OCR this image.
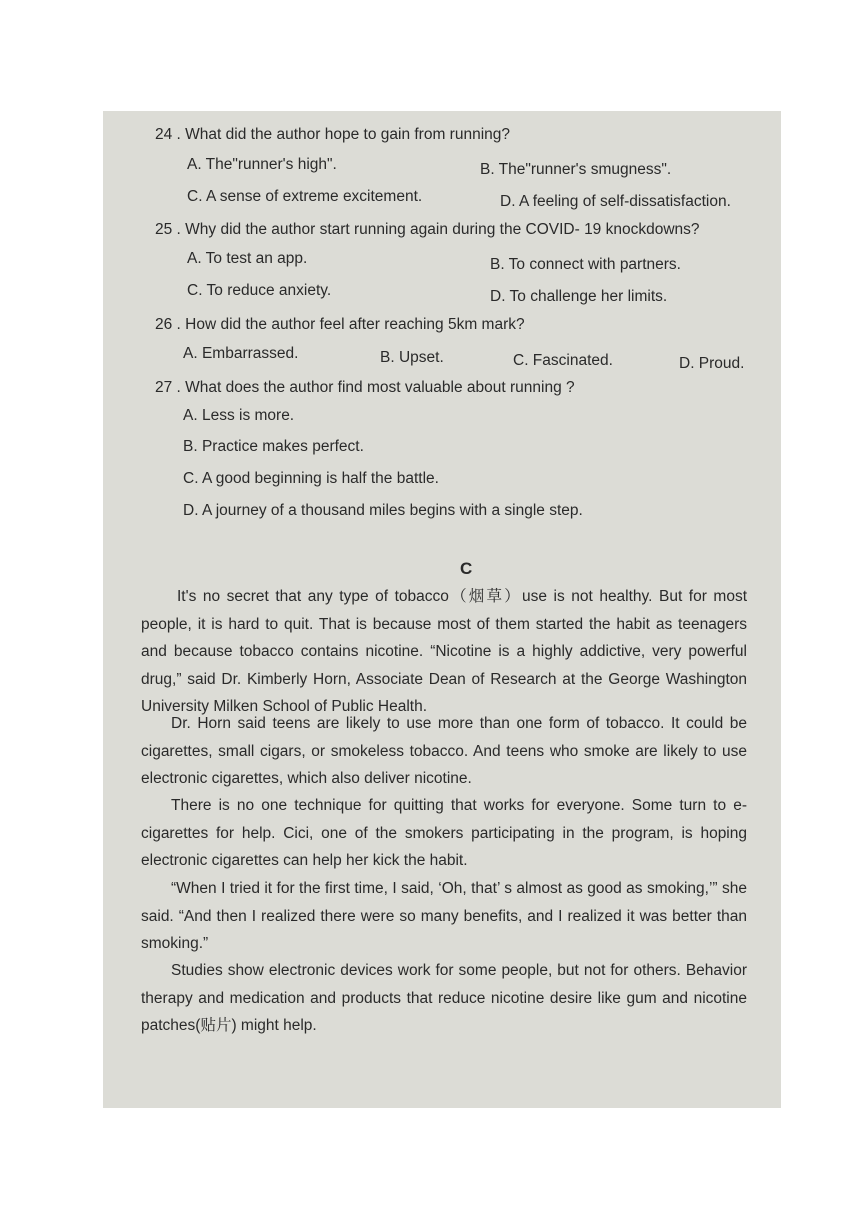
24 . What did the author hope to gain from running?
A. The"runner's high".	B. The"runner's smugness".
C. A sense of extreme excitement.	D. A feeling of self-dissatisfaction.
25 . Why did the author start running again during the COVID- 19 knockdowns?
A. To test an app.	B. To connect with partners.
C. To reduce anxiety.	D. To challenge her limits.
26 . How did the author feel after reaching 5km mark?
A. Embarrassed.	B. Upset.	C. Fascinated.	D. Proud.
27 . What does the author find most valuable about running ?
A. Less is more.
B. Practice makes perfect.
C. A good beginning is half the battle.
D. A journey of a thousand miles begins with a single step.
C

It's no secret that any type of tobacco（烟草）use is not healthy. But for most people, it is hard to quit. That is because most of them started the habit as teenagers and because tobacco contains nicotine. “Nicotine is a highly addictive, very powerful drug,” said Dr. Kimberly Horn, Associate Dean of Research at the George Washington University Milken School of Public Health.

Dr. Horn said teens are likely to use more than one form of tobacco. It could be cigarettes, small cigars, or smokeless tobacco. And teens who smoke are likely to use electronic cigarettes, which also deliver nicotine.

There is no one technique for quitting that works for everyone. Some turn to e-cigarettes for help. Cici, one of the smokers participating in the program, is hoping electronic cigarettes can help her kick the habit.

“When I tried it for the first time, I said, ‘Oh, that’ s almost as good as smoking,’” she said. “And then I realized there were so many benefits, and I realized it was better than smoking.”

Studies show electronic devices work for some people, but not for others. Behavior therapy and medication and products that reduce nicotine desire like gum and nicotine patches(贴片) might help.
